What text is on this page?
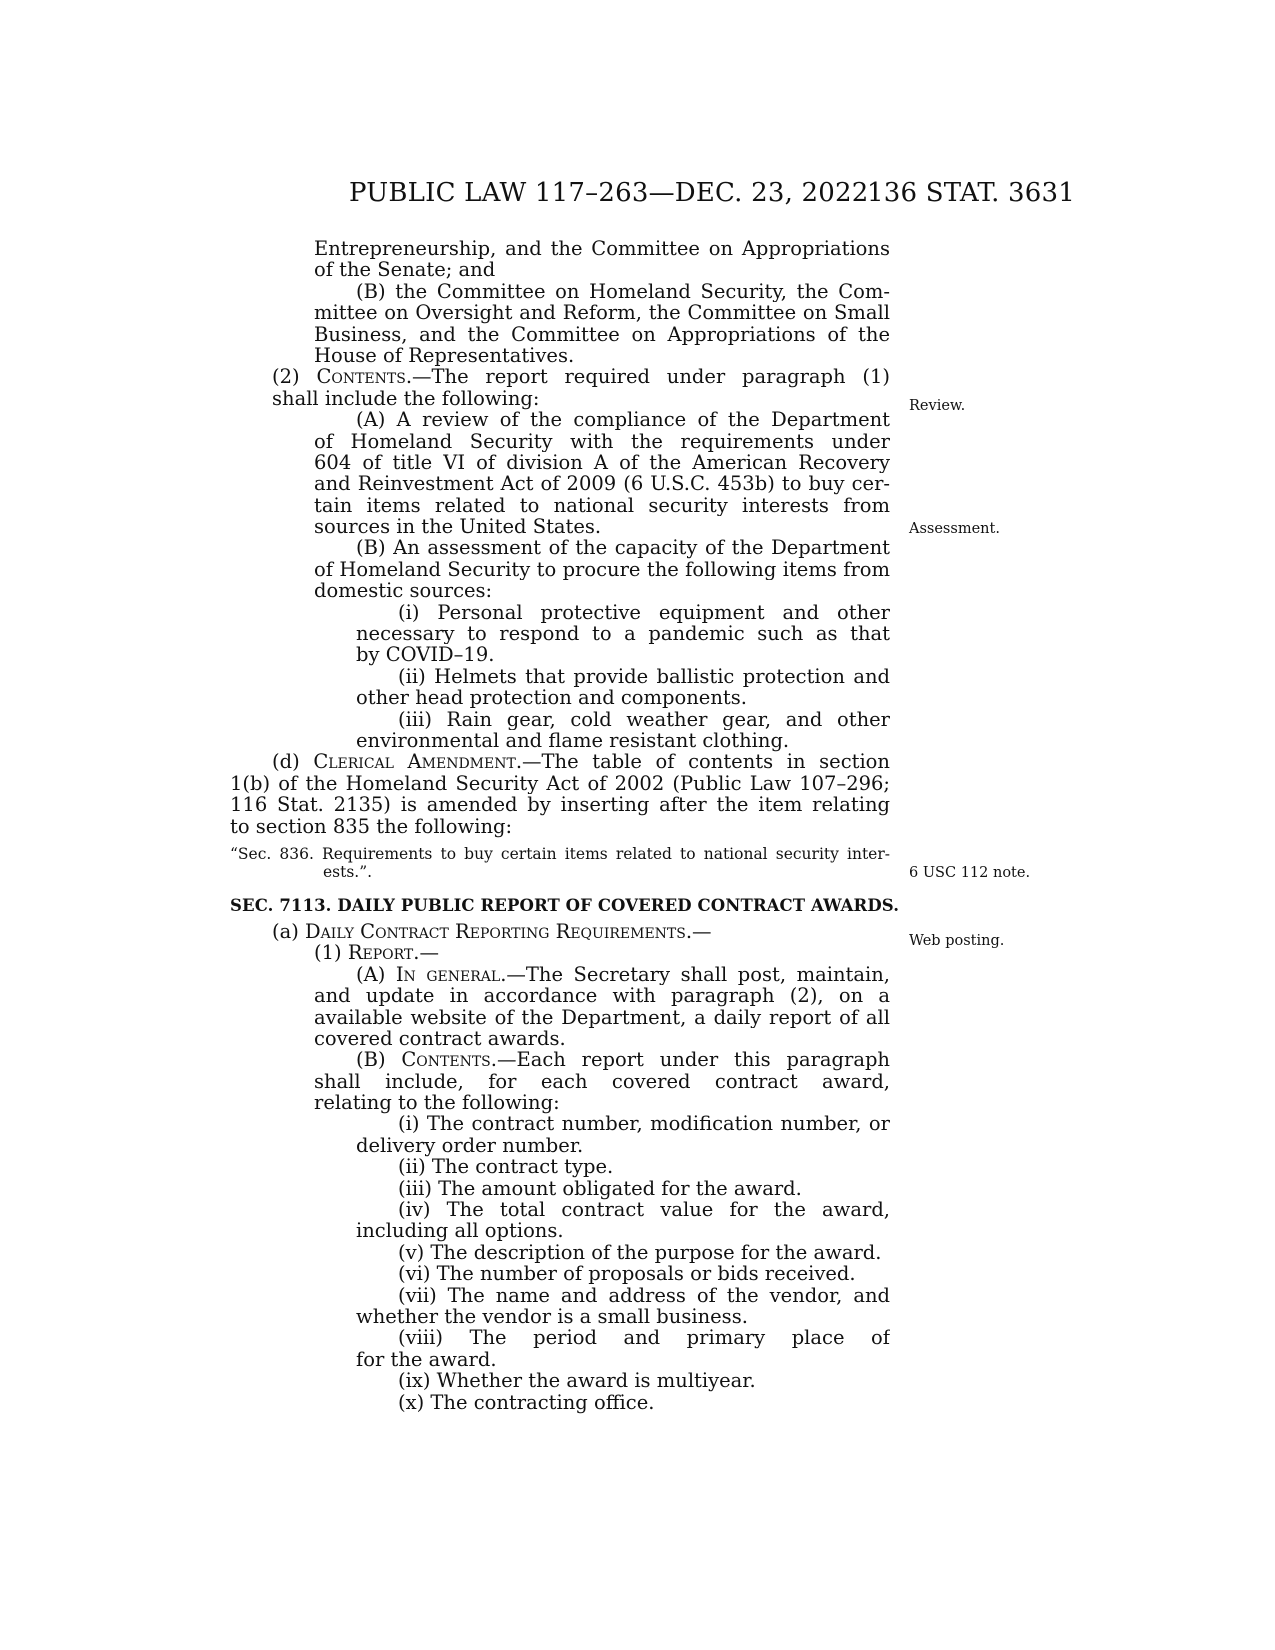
PUBLIC LAW 117–263—DEC. 23, 2022
136 STAT. 3631
Entrepreneurship, and the Committee on Appropriations
of the Senate; and
(B) the Committee on Homeland Security, the Com-
mittee on Oversight and Reform, the Committee on Small
Business, and the Committee on Appropriations of the
House of Representatives.
(2) Contents.—The report required under paragraph (1)
shall include the following:
(A) A review of the compliance of the Department
of Homeland Security with the requirements under
604 of title VI of division A of the American Recovery
and Reinvestment Act of 2009 (6 U.S.C. 453b) to buy cer-
tain items related to national security interests from
sources in the United States.
(B) An assessment of the capacity of the Department
of Homeland Security to procure the following items from
domestic sources:
(i) Personal protective equipment and other
necessary to respond to a pandemic such as that
by COVID–19.
(ii) Helmets that provide ballistic protection and
other head protection and components.
(iii) Rain gear, cold weather gear, and other
environmental and flame resistant clothing.
(d) Clerical Amendment.—The table of contents in section
1(b) of the Homeland Security Act of 2002 (Public Law 107–296;
116 Stat. 2135) is amended by inserting after the item relating
to section 835 the following:
“Sec. 836. Requirements to buy certain items related to national security inter-
ests.”.
SEC. 7113. DAILY PUBLIC REPORT OF COVERED CONTRACT AWARDS.
(a) Daily Contract Reporting Requirements.—
(1) Report.—
(A) In general.—The Secretary shall post, maintain,
and update in accordance with paragraph (2), on a
available website of the Department, a daily report of all
covered contract awards.
(B) Contents.—Each report under this paragraph
shall include, for each covered contract award,
relating to the following:
(i) The contract number, modification number, or
delivery order number.
(ii) The contract type.
(iii) The amount obligated for the award.
(iv) The total contract value for the award,
including all options.
(v) The description of the purpose for the award.
(vi) The number of proposals or bids received.
(vii) The name and address of the vendor, and
whether the vendor is a small business.
(viii) The period and primary place of
for the award.
(ix) Whether the award is multiyear.
(x) The contracting office.
Review.
Assessment.
6 USC 112 note.
Web posting.
